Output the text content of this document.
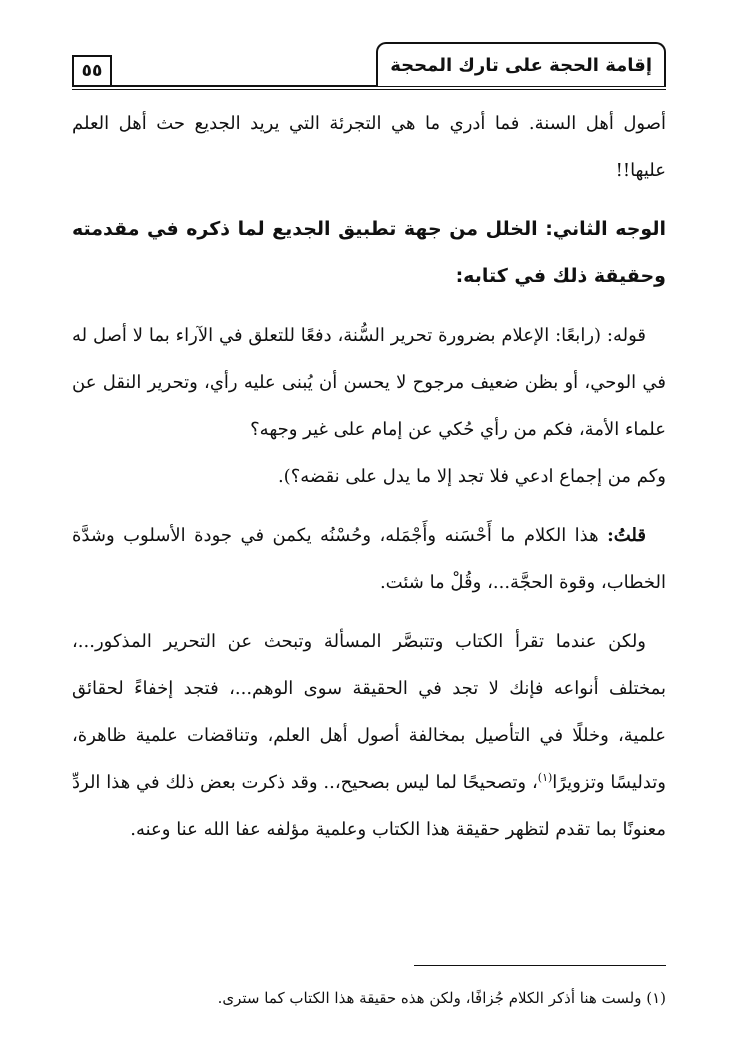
٥٥	إقامة الحجة على تارك المحجة

أصول أهل السنة. فما أدري ما هي التجرئة التي يريد الجديع حث أهل العلم عليها!!

الوجه الثاني: الخلل من جهة تطبيق الجديع لما ذكره في مقدمته وحقيقة ذلك في كتابه:

قوله: (رابعًا: الإعلام بضرورة تحرير السُّنة، دفعًا للتعلق في الآراء بما لا أصل له في الوحي، أو بظن ضعيف مرجوح لا يحسن أن يُبنى عليه رأي، وتحرير النقل عن علماء الأمة، فكم من رأي حُكي عن إمام على غير وجهه؟
وكم من إجماع ادعي فلا تجد إلا ما يدل على نقضه؟).

قلتُ: هذا الكلام ما أَحْسَنه وأَجْمَله، وحُسْنُه يكمن في جودة الأسلوب وشدَّة الخطاب، وقوة الحجَّة...، وقُلْ ما شئت.

ولكن عندما تقرأ الكتاب وتتبصَّر المسألة وتبحث عن التحرير المذكور...، بمختلف أنواعه فإنك لا تجد في الحقيقة سوى الوهم...، فتجد إخفاءً لحقائق علمية، وخللًا في التأصيل بمخالفة أصول أهل العلم، وتناقضات علمية ظاهرة، وتدليسًا وتزويرًا$^{(١)}$، وتصحيحًا لما ليس بصحيح،.. وقد ذكرت بعض ذلك في هذا الردِّ معنونًا بما تقدم لتظهر حقيقة هذا الكتاب وعلمية مؤلفه عفا الله عنا وعنه.

(١) ولست هنا أذكر الكلام جُزافًا، ولكن هذه حقيقة هذا الكتاب كما سترى.
